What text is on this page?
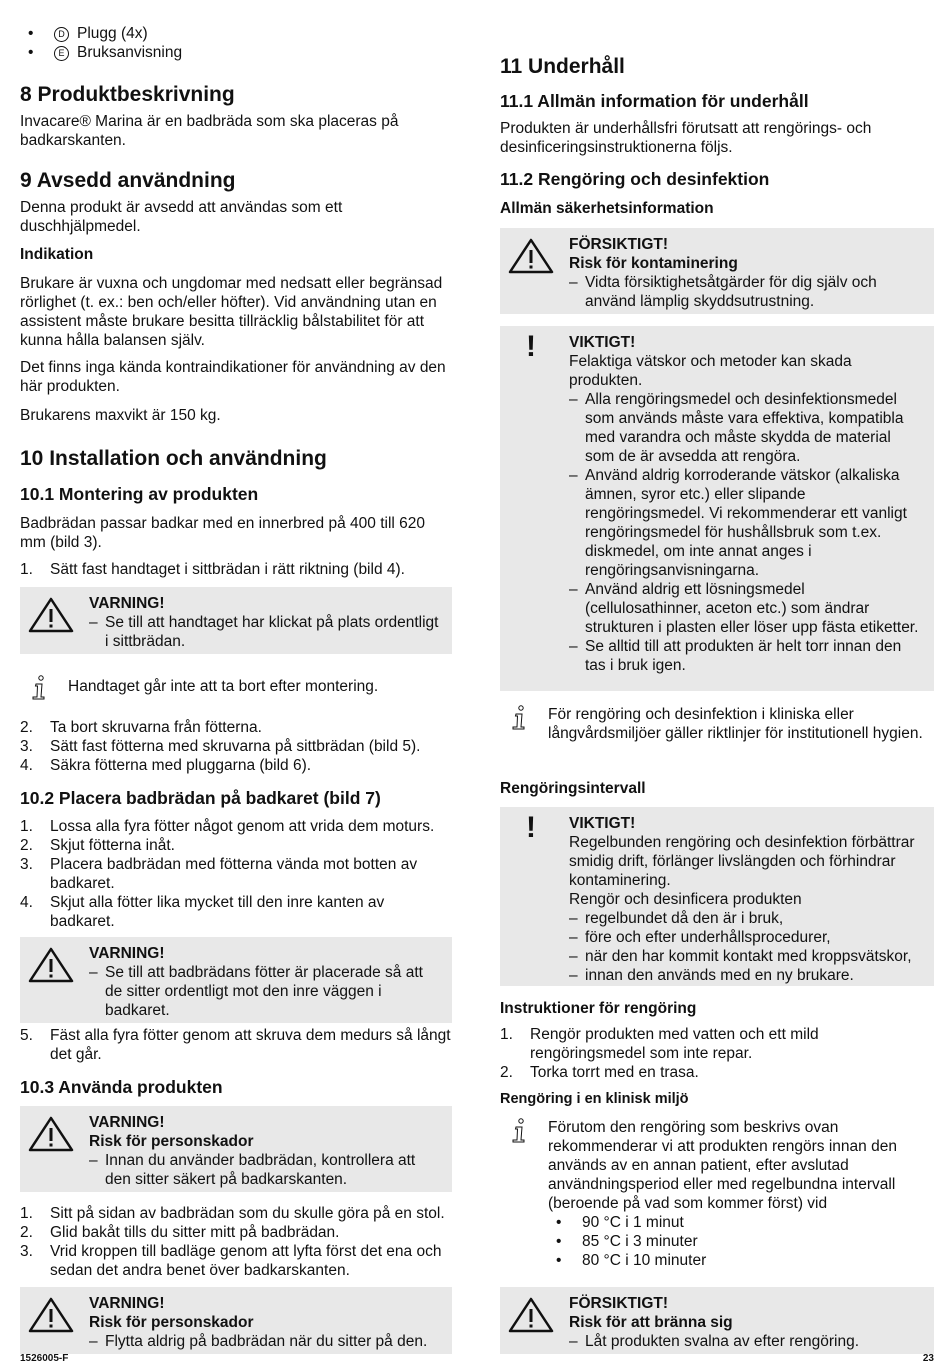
•	D Plugg (4x)
•	E Bruksanvisning
8 Produktbeskrivning

Invacare® Marina är en badbräda som ska placeras på badkarskanten.

9 Avsedd användning

Denna produkt är avsedd att användas som ett duschhjälpmedel.

Indikation

Brukare är vuxna och ungdomar med nedsatt eller begränsad rörlighet (t. ex.: ben och/eller höfter). Vid användning utan en assistent måste brukare besitta tillräcklig bålstabilitet för att kunna hålla balansen själv.

Det finns inga kända kontraindikationer för användning av den här produkten.

Brukarens maxvikt är 150 kg.

10 Installation och användning
10.1 Montering av produkten

Badbrädan passar badkar med en innerbred på 400 till 620 mm (bild 3).

1. Sätt fast handtaget i sittbrädan i rätt riktning (bild 4).
VARNING!
– Se till att handtaget har klickat på plats ordentligt i sittbrädan.
Handtaget går inte att ta bort efter montering.
2. Ta bort skruvarna från fötterna.
3. Sätt fast fötterna med skruvarna på sittbrädan (bild 5).
4. Säkra fötterna med pluggarna (bild 6).
10.2 Placera badbrädan på badkaret (bild 7)
1. Lossa alla fyra fötter något genom att vrida dem moturs.
2. Skjut fötterna inåt.
3. Placera badbrädan med fötterna vända mot botten av badkaret.
4. Skjut alla fötter lika mycket till den inre kanten av badkaret.
VARNING!
– Se till att badbrädans fötter är placerade så att de sitter ordentligt mot den inre väggen i badkaret.
5. Fäst alla fyra fötter genom att skruva dem medurs så långt det går.
10.3 Använda produkten
VARNING!
Risk för personskador
– Innan du använder badbrädan, kontrollera att den sitter säkert på badkarskanten.
1. Sitt på sidan av badbrädan som du skulle göra på en stol.
2. Glid bakåt tills du sitter mitt på badbrädan.
3. Vrid kroppen till badläge genom att lyfta först det ena och sedan det andra benet över badkarskanten.
VARNING!
Risk för personskador
– Flytta aldrig på badbrädan när du sitter på den.
11 Underhåll
11.1 Allmän information för underhåll

Produkten är underhållsfri förutsatt att rengörings- och desinficeringsinstruktionerna följs.

11.2 Rengöring och desinfektion
Allmän säkerhetsinformation
FÖRSIKTIGT!
Risk för kontaminering
– Vidta försiktighetsåtgärder för dig själv och använd lämplig skyddsutrustning.
! VIKTIGT!
Felaktiga vätskor och metoder kan skada produkten.
– Alla rengöringsmedel och desinfektionsmedel som används måste vara effektiva, kompatibla med varandra och måste skydda de material som de är avsedda att rengöra.
– Använd aldrig korroderande vätskor (alkaliska ämnen, syror etc.) eller slipande rengöringsmedel. Vi rekommenderar ett vanligt rengöringsmedel för hushållsbruk som t.ex. diskmedel, om inte annat anges i rengöringsanvisningarna.
– Använd aldrig ett lösningsmedel (cellulosathinner, aceton etc.) som ändrar strukturen i plasten eller löser upp fästa etiketter.
– Se alltid till att produkten är helt torr innan den tas i bruk igen.
För rengöring och desinfektion i kliniska eller långvårdsmiljöer gäller riktlinjer för institutionell hygien.
Rengöringsintervall
! VIKTIGT!
Regelbunden rengöring och desinfektion förbättrar smidig drift, förlänger livslängden och förhindrar kontaminering.
Rengör och desinficera produkten
– regelbundet då den är i bruk,
– före och efter underhållsprocedurer,
– när den har kommit kontakt med kroppsvätskor,
– innan den används med en ny brukare.
Instruktioner för rengöring
1. Rengör produkten med vatten och ett mild rengöringsmedel som inte repar.
2. Torka torrt med en trasa.
Rengöring i en klinisk miljö
Förutom den rengöring som beskrivs ovan rekommenderar vi att produkten rengörs innan den används av en annan patient, efter avslutad användningsperiod eller med regelbundna intervall (beroende på vad som kommer först) vid
• 90 °C i 1 minut
• 85 °C i 3 minuter
• 80 °C i 10 minuter
FÖRSIKTIGT!
Risk för att bränna sig
– Låt produkten svalna av efter rengöring.
1526005-F	23
